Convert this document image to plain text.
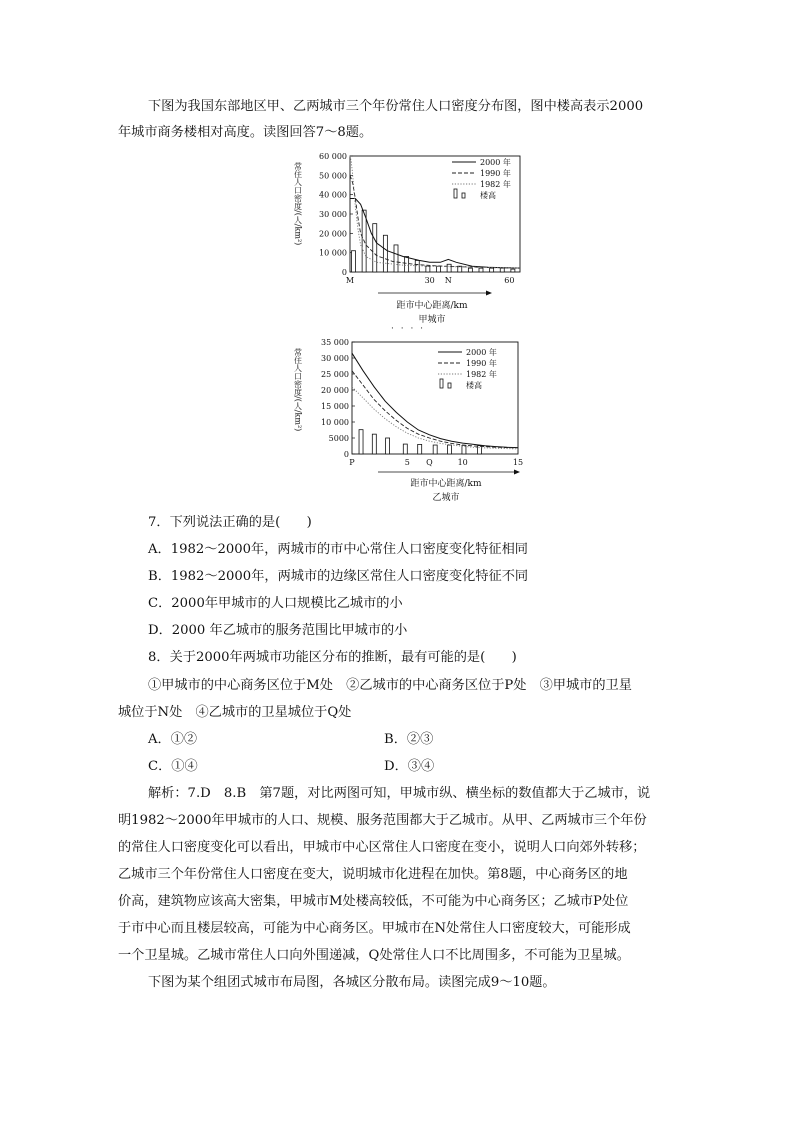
下图为我国东部地区甲、乙两城市三个年份常住人口密度分布图，图中楼高表示2000
年城市商务楼相对高度。读图回答7～8题。
60 000
50 000
40 000
30 000
20 000
10 000
0
常住人口密度/(人/km²)
M	30 N	60
2000 年
1990 年
1982 年
楼高
距市中心距离/km
甲城市
· · · ·
35 000
30 000
25 000
20 000
15 000
10 000
5000
0
常住人口密度/(人/km²)
P	5 Q	10	15
2000 年
1990 年
1982 年
楼高
距市中心距离/km
乙城市
7．下列说法正确的是(　　)
A．1982～2000年，两城市的市中心常住人口密度变化特征相同
B．1982～2000年，两城市的边缘区常住人口密度变化特征不同
C．2000年甲城市的人口规模比乙城市的小
D．2000 年乙城市的服务范围比甲城市的小
8．关于2000年两城市功能区分布的推断，最有可能的是(　　)
①甲城市的中心商务区位于M处　②乙城市的中心商务区位于P处　③甲城市的卫星
城位于N处　④乙城市的卫星城位于Q处
A．①②	B．②③
C．①④	D．③④
解析：7.D　8.B　第7题，对比两图可知，甲城市纵、横坐标的数值都大于乙城市，说
明1982～2000年甲城市的人口、规模、服务范围都大于乙城市。从甲、乙两城市三个年份
的常住人口密度变化可以看出，甲城市中心区常住人口密度在变小，说明人口向郊外转移；
乙城市三个年份常住人口密度在变大，说明城市化进程在加快。第8题，中心商务区的地
价高，建筑物应该高大密集，甲城市M处楼高较低，不可能为中心商务区；乙城市P处位
于市中心而且楼层较高，可能为中心商务区。甲城市在N处常住人口密度较大，可能形成
一个卫星城。乙城市常住人口向外围递减，Q处常住人口不比周围多，不可能为卫星城。
下图为某个组团式城市布局图，各城区分散布局。读图完成9～10题。
